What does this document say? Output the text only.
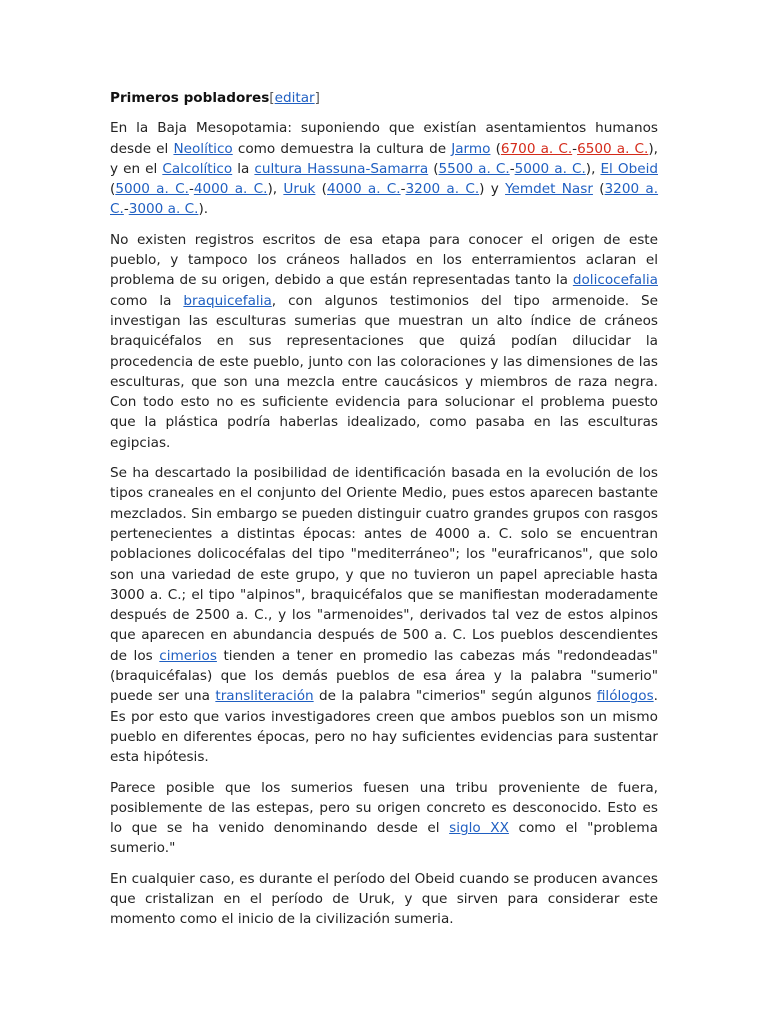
Primeros pobladores[editar]

En la Baja Mesopotamia: suponiendo que existían asentamientos humanos desde el Neolítico como demuestra la cultura de Jarmo (6700 a. C.-6500 a. C.), y en el Calcolítico la cultura Hassuna-Samarra (5500 a. C.-5000 a. C.), El Obeid (5000 a. C.-4000 a. C.), Uruk (4000 a. C.-3200 a. C.) y Yemdet Nasr (3200 a. C.-3000 a. C.).

No existen registros escritos de esa etapa para conocer el origen de este pueblo, y tampoco los cráneos hallados en los enterramientos aclaran el problema de su origen, debido a que están representadas tanto la dolicocefalia como la braquicefalia, con algunos testimonios del tipo armenoide. Se investigan las esculturas sumerias que muestran un alto índice de cráneos braquicéfalos en sus representaciones que quizá podían dilucidar la procedencia de este pueblo, junto con las coloraciones y las dimensiones de las esculturas, que son una mezcla entre caucásicos y miembros de raza negra. Con todo esto no es suficiente evidencia para solucionar el problema puesto que la plástica podría haberlas idealizado, como pasaba en las esculturas egipcias.

Se ha descartado la posibilidad de identificación basada en la evolución de los tipos craneales en el conjunto del Oriente Medio, pues estos aparecen bastante mezclados. Sin embargo se pueden distinguir cuatro grandes grupos con rasgos pertenecientes a distintas épocas: antes de 4000 a. C. solo se encuentran poblaciones dolicocéfalas del tipo "mediterráneo"; los "eurafricanos", que solo son una variedad de este grupo, y que no tuvieron un papel apreciable hasta 3000 a. C.; el tipo "alpinos", braquicéfalos que se manifiestan moderadamente después de 2500 a. C., y los "armenoides", derivados tal vez de estos alpinos que aparecen en abundancia después de 500 a. C. Los pueblos descendientes de los cimerios tienden a tener en promedio las cabezas más "redondeadas" (braquicéfalas) que los demás pueblos de esa área y la palabra "sumerio" puede ser una transliteración de la palabra "cimerios" según algunos filólogos. Es por esto que varios investigadores creen que ambos pueblos son un mismo pueblo en diferentes épocas, pero no hay suficientes evidencias para sustentar esta hipótesis.

Parece posible que los sumerios fuesen una tribu proveniente de fuera, posiblemente de las estepas, pero su origen concreto es desconocido. Esto es lo que se ha venido denominando desde el siglo XX como el "problema sumerio."

En cualquier caso, es durante el período del Obeid cuando se producen avances que cristalizan en el período de Uruk, y que sirven para considerar este momento como el inicio de la civilización sumeria.
